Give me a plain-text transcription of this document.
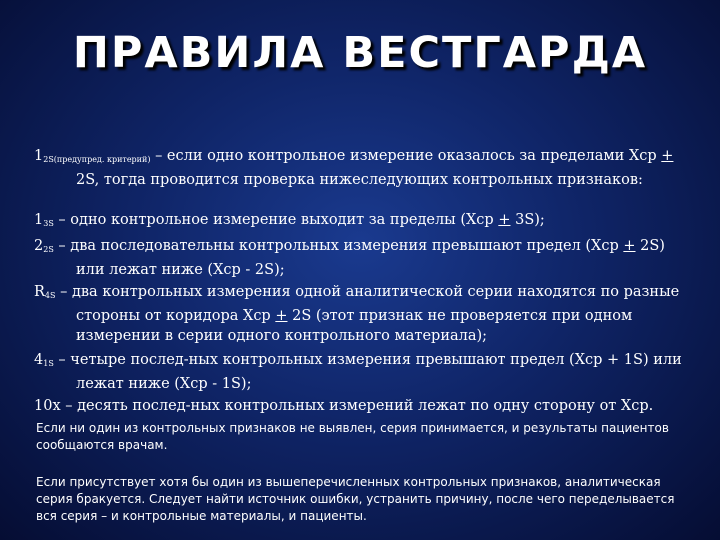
ПРАВИЛА ВЕСТГАРДА
$1_{2S(предупред. критерий)}$ – если одно контрольное измерение оказалось за пределами Хср +
2S, тогда проводится проверка нижеследующих контрольных признаков:
$1_{3S}$ – одно контрольное измерение выходит за пределы (Хср + 3S);
$2_{2S}$ – два последовательны контрольных измерения превышают предел (Хср + 2S)
или лежат ниже (Хср - 2S);
$R_{4S}$ – два контрольных измерения одной аналитической серии находятся по разные
стороны от коридора Хср + 2S (этот признак не проверяется при одном
измерении в серии одного контрольного материала);
$4_{1S}$ – четыре послед-ных контрольных измерения превышают предел (Хср + 1S) или
лежат ниже (Хср - 1S);
10х – десять послед-ных контрольных измерений лежат по одну сторону от Хср.
Если ни один из контрольных признаков не выявлен, серия принимается, и результаты пациентов сообщаются врачам.
Если присутствует хотя бы один из вышеперечисленных контрольных признаков, аналитическая серия бракуется. Следует найти источник ошибки, устранить причину, после чего переделывается вся серия – и контрольные материалы, и пациенты.
